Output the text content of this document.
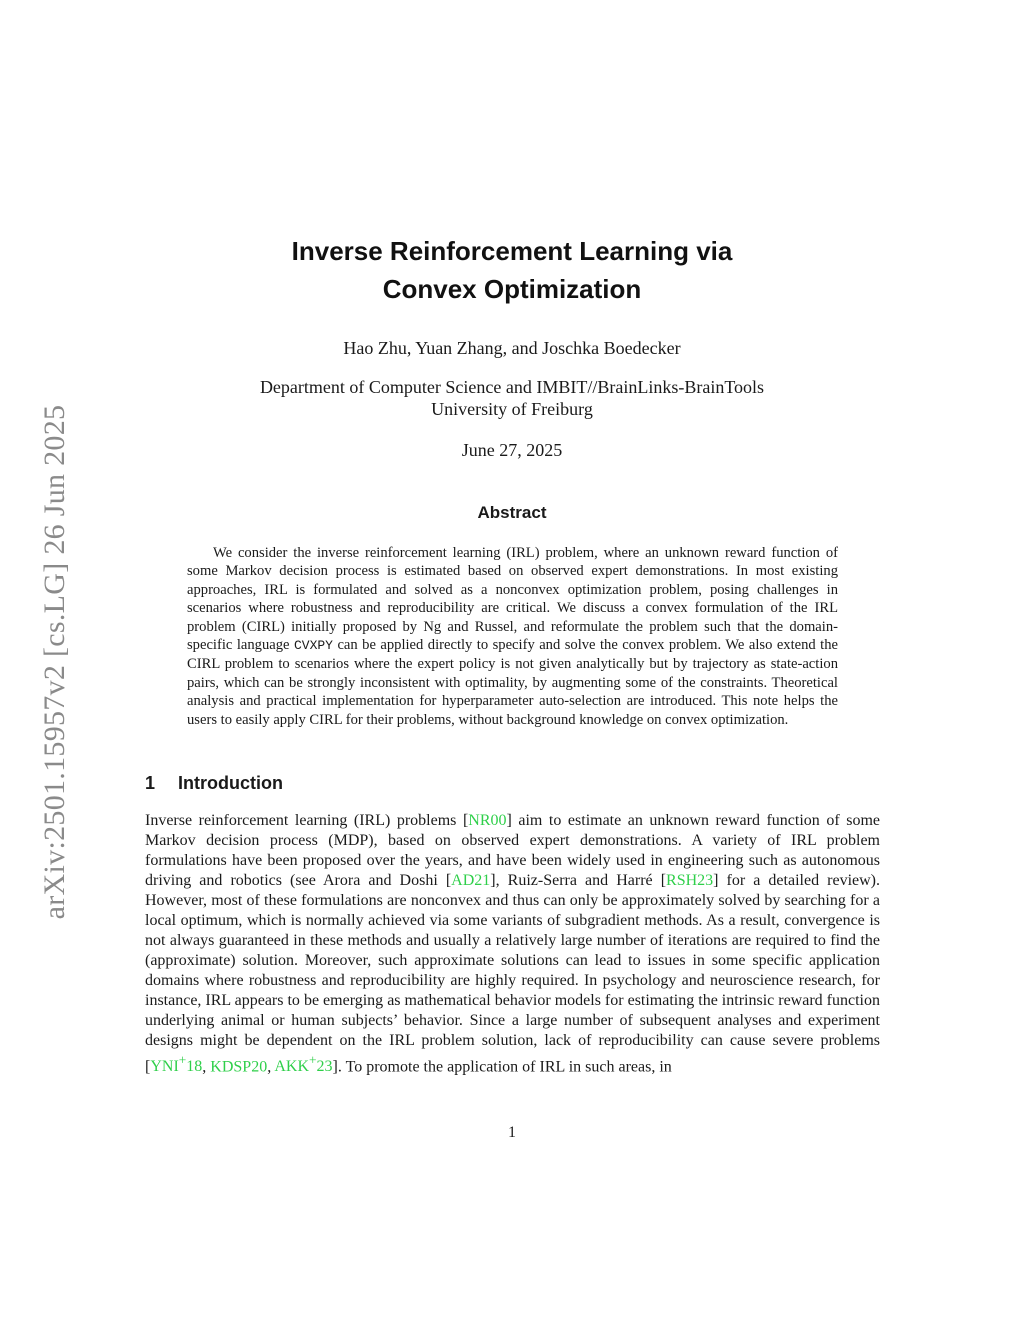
arXiv:2501.15957v2 [cs.LG] 26 Jun 2025
Inverse Reinforcement Learning via
Convex Optimization
Hao Zhu, Yuan Zhang, and Joschka Boedecker
Department of Computer Science and IMBIT//BrainLinks-BrainTools
University of Freiburg
June 27, 2025
Abstract

We consider the inverse reinforcement learning (IRL) problem, where an unknown reward function of some Markov decision process is estimated based on observed expert demonstrations. In most existing approaches, IRL is formulated and solved as a nonconvex optimization problem, posing challenges in scenarios where robustness and reproducibility are critical. We discuss a convex formulation of the IRL problem (CIRL) initially proposed by Ng and Russel, and reformulate the problem such that the domain-specific language CVXPY can be applied directly to specify and solve the convex problem. We also extend the CIRL problem to scenarios where the expert policy is not given analytically but by trajectory as state-action pairs, which can be strongly inconsistent with optimality, by augmenting some of the constraints. Theoretical analysis and practical implementation for hyperparameter auto-selection are introduced. This note helps the users to easily apply CIRL for their problems, without background knowledge on convex optimization.

1 Introduction

Inverse reinforcement learning (IRL) problems [NR00] aim to estimate an unknown reward function of some Markov decision process (MDP), based on observed expert demonstrations. A variety of IRL problem formulations have been proposed over the years, and have been widely used in engineering such as autonomous driving and robotics (see Arora and Doshi [AD21], Ruiz-Serra and Harré [RSH23] for a detailed review). However, most of these formulations are nonconvex and thus can only be approximately solved by searching for a local optimum, which is normally achieved via some variants of subgradient methods. As a result, convergence is not always guaranteed in these methods and usually a relatively large number of iterations are required to find the (approximate) solution. Moreover, such approximate solutions can lead to issues in some specific application domains where robustness and reproducibility are highly required. In psychology and neuroscience research, for instance, IRL appears to be emerging as mathematical behavior models for estimating the intrinsic reward function underlying animal or human subjects’ behavior. Since a large number of subsequent analyses and experiment designs might be dependent on the IRL problem solution, lack of reproducibility can cause severe problems [YNI+18, KDSP20, AKK+23]. To promote the application of IRL in such areas, in

1
